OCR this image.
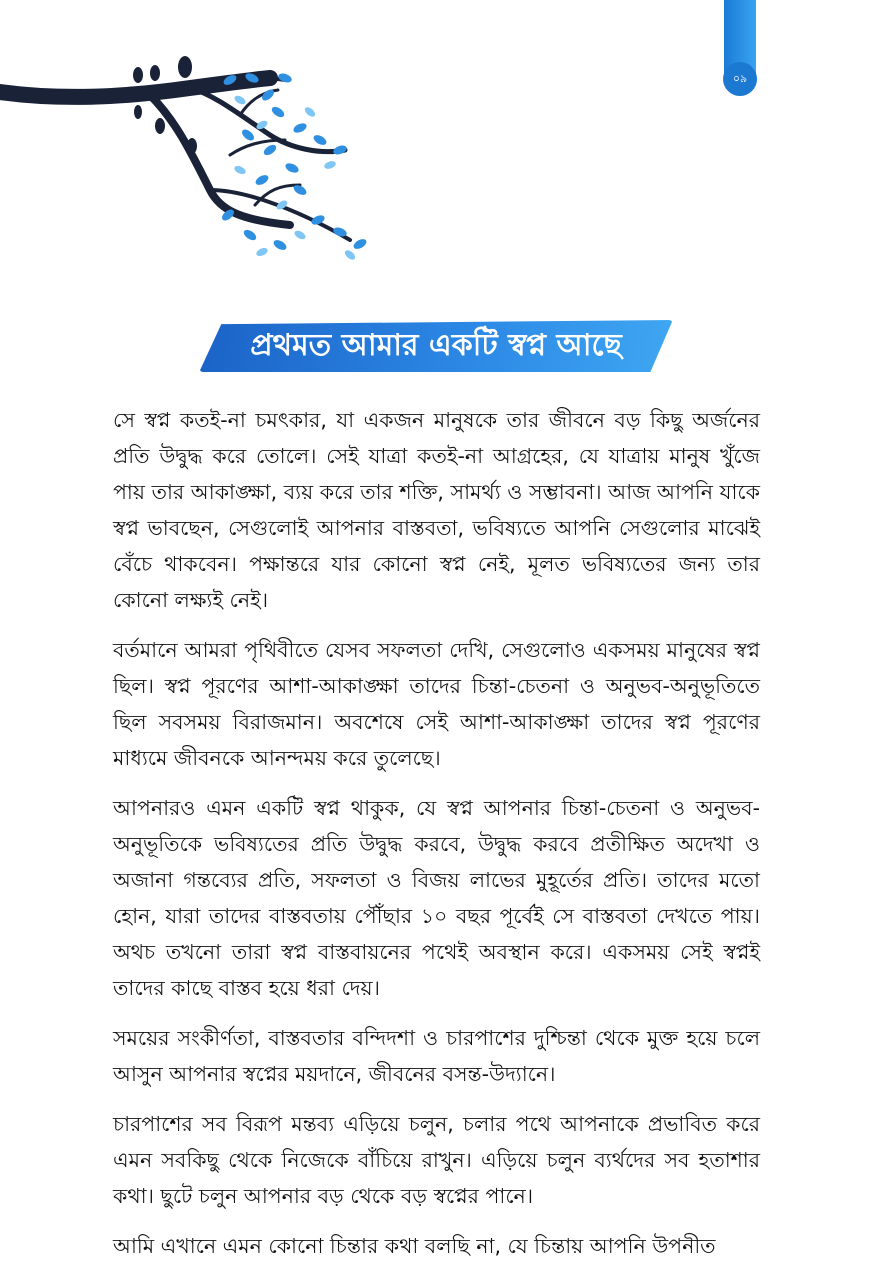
০৯
প্রথমত আমার একটি স্বপ্ন আছে

সে স্বপ্ন কতই-না চমৎকার, যা একজন মানুষকে তার জীবনে বড় কিছু অর্জনের প্রতি উদ্বুদ্ধ করে তোলে। সেই যাত্রা কতই-না আগ্রহের, যে যাত্রায় মানুষ খুঁজে পায় তার আকাঙ্ক্ষা, ব্যয় করে তার শক্তি, সামর্থ্য ও সম্ভাবনা। আজ আপনি যাকে স্বপ্ন ভাবছেন, সেগুলোই আপনার বাস্তবতা, ভবিষ্যতে আপনি সেগুলোর মাঝেই বেঁচে থাকবেন। পক্ষান্তরে যার কোনো স্বপ্ন নেই, মূলত ভবিষ্যতের জন্য তার কোনো লক্ষ্যই নেই।

বর্তমানে আমরা পৃথিবীতে যেসব সফলতা দেখি, সেগুলোও একসময় মানুষের স্বপ্ন ছিল। স্বপ্ন পূরণের আশা-আকাঙ্ক্ষা তাদের চিন্তা-চেতনা ও অনুভব-অনুভূতিতে ছিল সবসময় বিরাজমান। অবশেষে সেই আশা-আকাঙ্ক্ষা তাদের স্বপ্ন পূরণের মাধ্যমে জীবনকে আনন্দময় করে তুলেছে।

আপনারও এমন একটি স্বপ্ন থাকুক, যে স্বপ্ন আপনার চিন্তা-চেতনা ও অনুভব-অনুভূতিকে ভবিষ্যতের প্রতি উদ্বুদ্ধ করবে, উদ্বুদ্ধ করবে প্রতীক্ষিত অদেখা ও অজানা গন্তব্যের প্রতি, সফলতা ও বিজয় লাভের মুহূর্তের প্রতি। তাদের মতো হোন, যারা তাদের বাস্তবতায় পৌঁছার ১০ বছর পূর্বেই সে বাস্তবতা দেখতে পায়। অথচ তখনো তারা স্বপ্ন বাস্তবায়নের পথেই অবস্থান করে। একসময় সেই স্বপ্নই তাদের কাছে বাস্তব হয়ে ধরা দেয়।

সময়ের সংকীর্ণতা, বাস্তবতার বন্দিদশা ও চারপাশের দুশ্চিন্তা থেকে মুক্ত হয়ে চলে আসুন আপনার স্বপ্নের ময়দানে, জীবনের বসন্ত-উদ্যানে।

চারপাশের সব বিরূপ মন্তব্য এড়িয়ে চলুন, চলার পথে আপনাকে প্রভাবিত করে এমন সবকিছু থেকে নিজেকে বাঁচিয়ে রাখুন। এড়িয়ে চলুন ব্যর্থদের সব হতাশার কথা। ছুটে চলুন আপনার বড় থেকে বড় স্বপ্নের পানে।

আমি এখানে এমন কোনো চিন্তার কথা বলছি না, যে চিন্তায় আপনি উপনীত
